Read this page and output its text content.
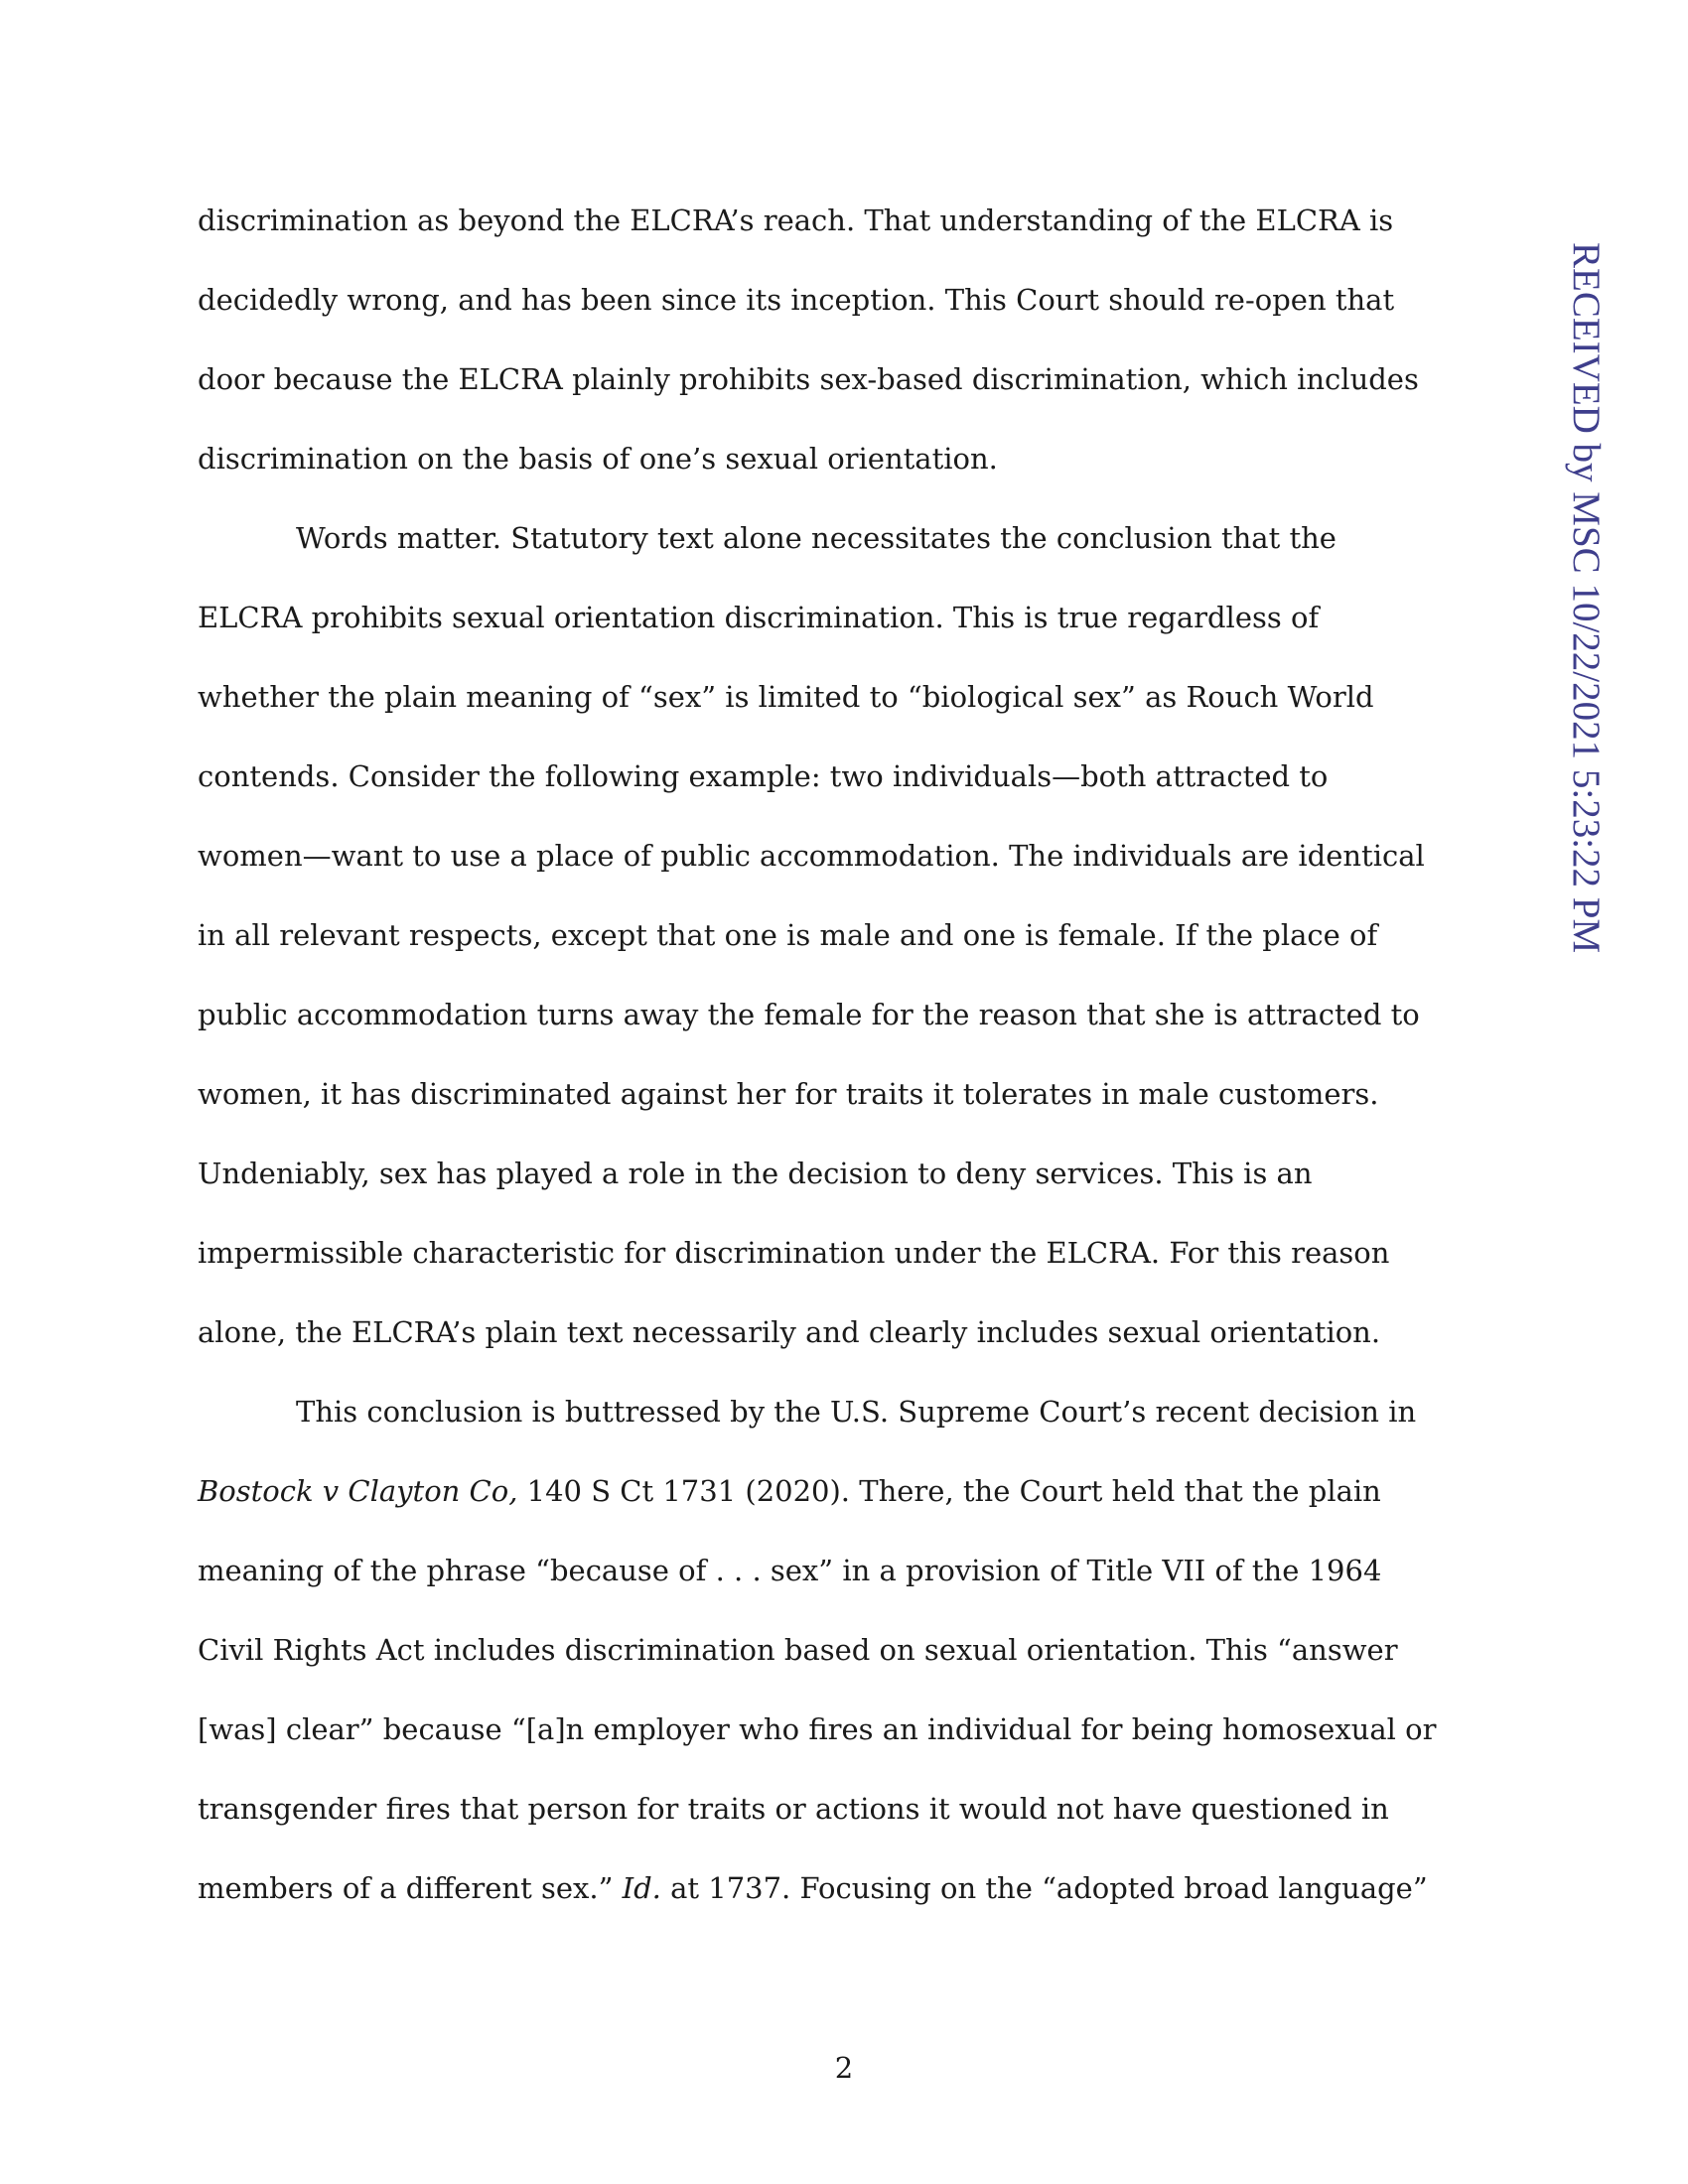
discrimination as beyond the ELCRA’s reach. That understanding of the ELCRA is
decidedly wrong, and has been since its inception. This Court should re-open that
door because the ELCRA plainly prohibits sex-based discrimination, which includes
discrimination on the basis of one’s sexual orientation.
Words matter. Statutory text alone necessitates the conclusion that the
ELCRA prohibits sexual orientation discrimination. This is true regardless of
whether the plain meaning of “sex” is limited to “biological sex” as Rouch World
contends. Consider the following example: two individuals—both attracted to
women—want to use a place of public accommodation. The individuals are identical
in all relevant respects, except that one is male and one is female. If the place of
public accommodation turns away the female for the reason that she is attracted to
women, it has discriminated against her for traits it tolerates in male customers.
Undeniably, sex has played a role in the decision to deny services. This is an
impermissible characteristic for discrimination under the ELCRA. For this reason
alone, the ELCRA’s plain text necessarily and clearly includes sexual orientation.
This conclusion is buttressed by the U.S. Supreme Court’s recent decision in
Bostock v Clayton Co, 140 S Ct 1731 (2020). There, the Court held that the plain
meaning of the phrase “because of . . . sex” in a provision of Title VII of the 1964
Civil Rights Act includes discrimination based on sexual orientation. This “answer
[was] clear” because “[a]n employer who fires an individual for being homosexual or
transgender fires that person for traits or actions it would not have questioned in
members of a different sex.” Id. at 1737. Focusing on the “adopted broad language”
2
RECEIVED by MSC 10/22/2021 5:23:22 PM
